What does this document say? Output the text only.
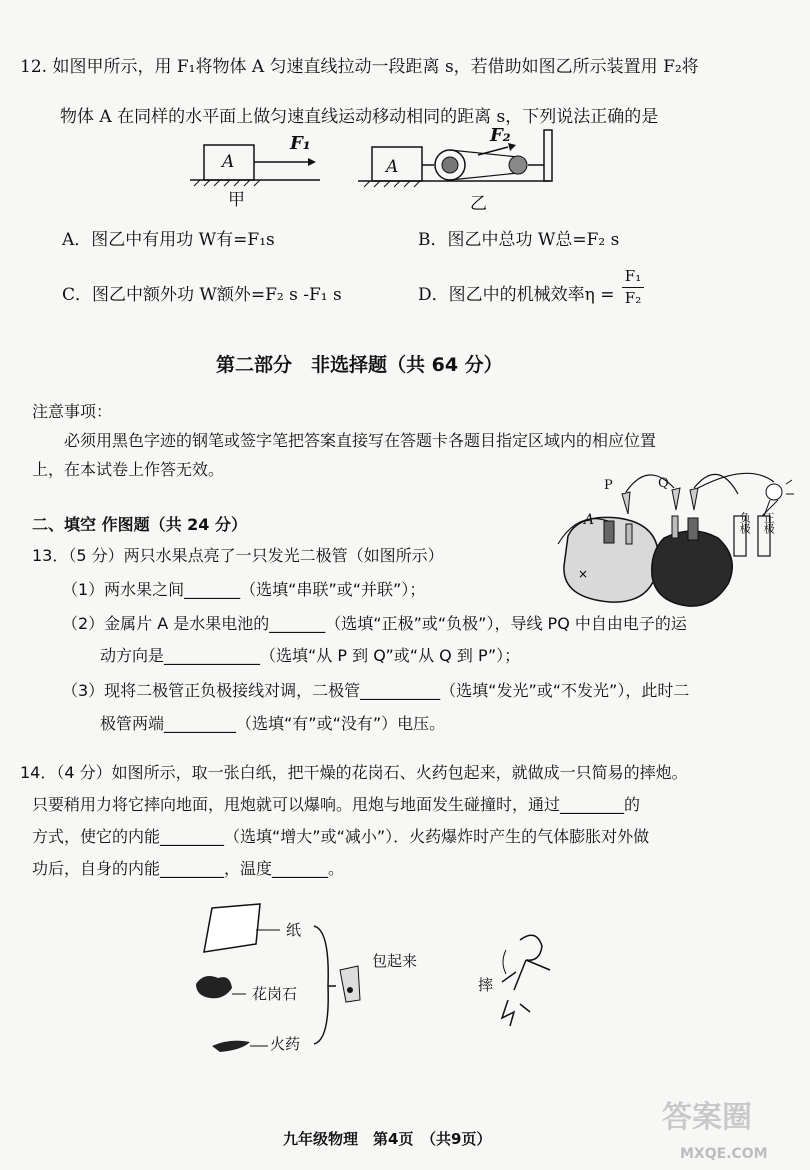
12. 如图甲所示，用 F₁将物体 A 匀速直线拉动一段距离 s，若借助如图乙所示装置用 F₂将
物体 A 在同样的水平面上做匀速直线运动移动相同的距离 s，下列说法正确的是
A
F₁
甲
A
F₂
乙
A．图乙中有用功 W有=F₁s	B．图乙中总功 W总=F₂ s
C．图乙中额外功 W额外=F₂ s -F₁ s	D．图乙中的机械效率η =
F₁
F₂
第二部分　非选择题（共 64 分）
注意事项：
必须用黑色字迹的钢笔或签字笔把答案直接写在答题卡各题目指定区域内的相应位置
上，在本试卷上作答无效。
二、填空 作图题（共 24 分）
13．（5 分）两只水果点亮了一只发光二极管（如图所示）
（1）两水果之间_______（选填“串联”或“并联”）；
（2）金属片 A 是水果电池的_______（选填“正极”或“负极”），导线 PQ 中自由电子的运
动方向是____________（选填“从 P 到 Q”或“从 Q 到 P”）；
（3）现将二极管正负极接线对调，二极管__________（选填“发光”或“不发光”），此时二
极管两端_________（选填“有”或“没有”）电压。
×
A
P	Q
负极 正极
14．（4 分）如图所示，取一张白纸，把干燥的花岗石、火药包起来，就做成一只简易的摔炮。
只要稍用力将它摔向地面，甩炮就可以爆响。甩炮与地面发生碰撞时，通过________的
方式，使它的内能________（选填“增大”或“减小”）．火药爆炸时产生的气体膨胀对外做
功后，自身的内能________，温度_______。
纸
花岗石
火药
包起来
摔
九年级物理　第4页　（共9页）
答案圈
MXQE.COM
